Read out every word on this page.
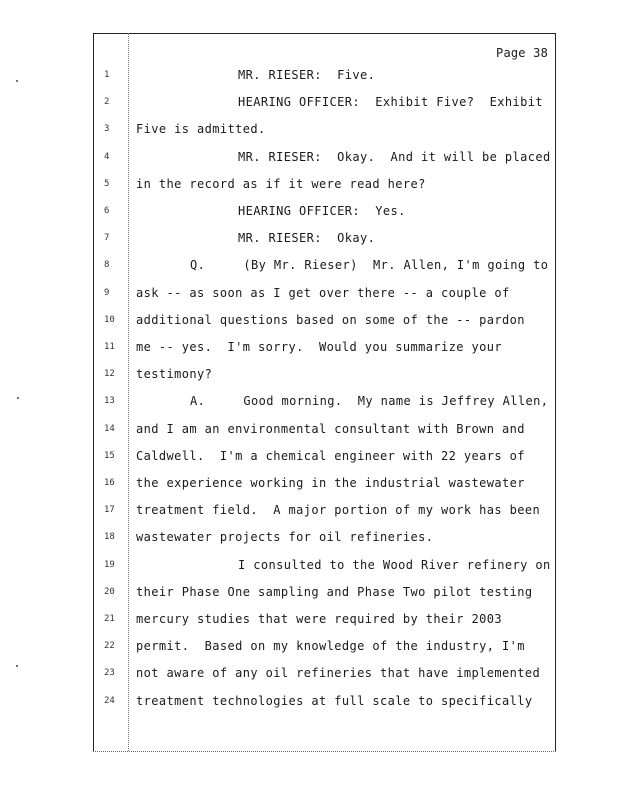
Page 38
1	MR. RIESER:  Five.
2	HEARING OFFICER:  Exhibit Five?  Exhibit
3	Five is admitted.
4	MR. RIESER:  Okay.  And it will be placed
5	in the record as if it were read here?
6	HEARING OFFICER:  Yes.
7	MR. RIESER:  Okay.
8	Q.     (By Mr. Rieser)  Mr. Allen, I'm going to
9	ask -- as soon as I get over there -- a couple of
10	additional questions based on some of the -- pardon
11	me -- yes.  I'm sorry.  Would you summarize your
12	testimony?
13	A.     Good morning.  My name is Jeffrey Allen,
14	and I am an environmental consultant with Brown and
15	Caldwell.  I'm a chemical engineer with 22 years of
16	the experience working in the industrial wastewater
17	treatment field.  A major portion of my work has been
18	wastewater projects for oil refineries.
19	I consulted to the Wood River refinery on
20	their Phase One sampling and Phase Two pilot testing
21	mercury studies that were required by their 2003
22	permit.  Based on my knowledge of the industry, I'm
23	not aware of any oil refineries that have implemented
24	treatment technologies at full scale to specifically
